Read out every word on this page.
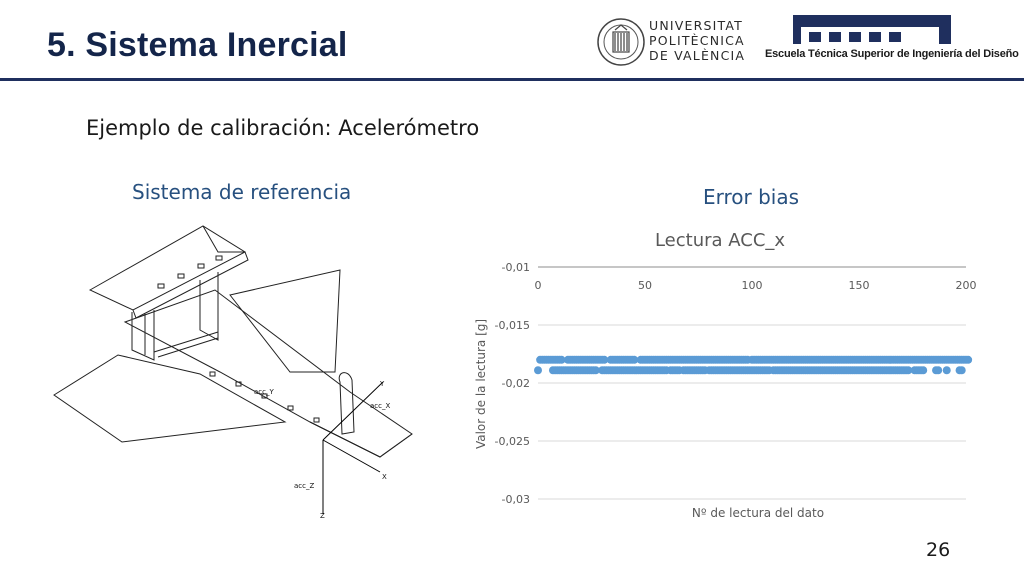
5. Sistema Inercial
UNIVERSITAT
POLITÈCNICA
DE VALÈNCIA Escuela Técnica Superior de Ingeniería del Diseño
Ejemplo de calibración: Acelerómetro
Sistema de referencia	Error bias
26
acc_Y
Y
acc_X
X
acc_Z
Z
Lectura ACC_x
-0,01
-0,015
-0,02
-0,025
-0,03
0	50	100	150	200
Valor de la lectura [g]
Nº de lectura del dato
